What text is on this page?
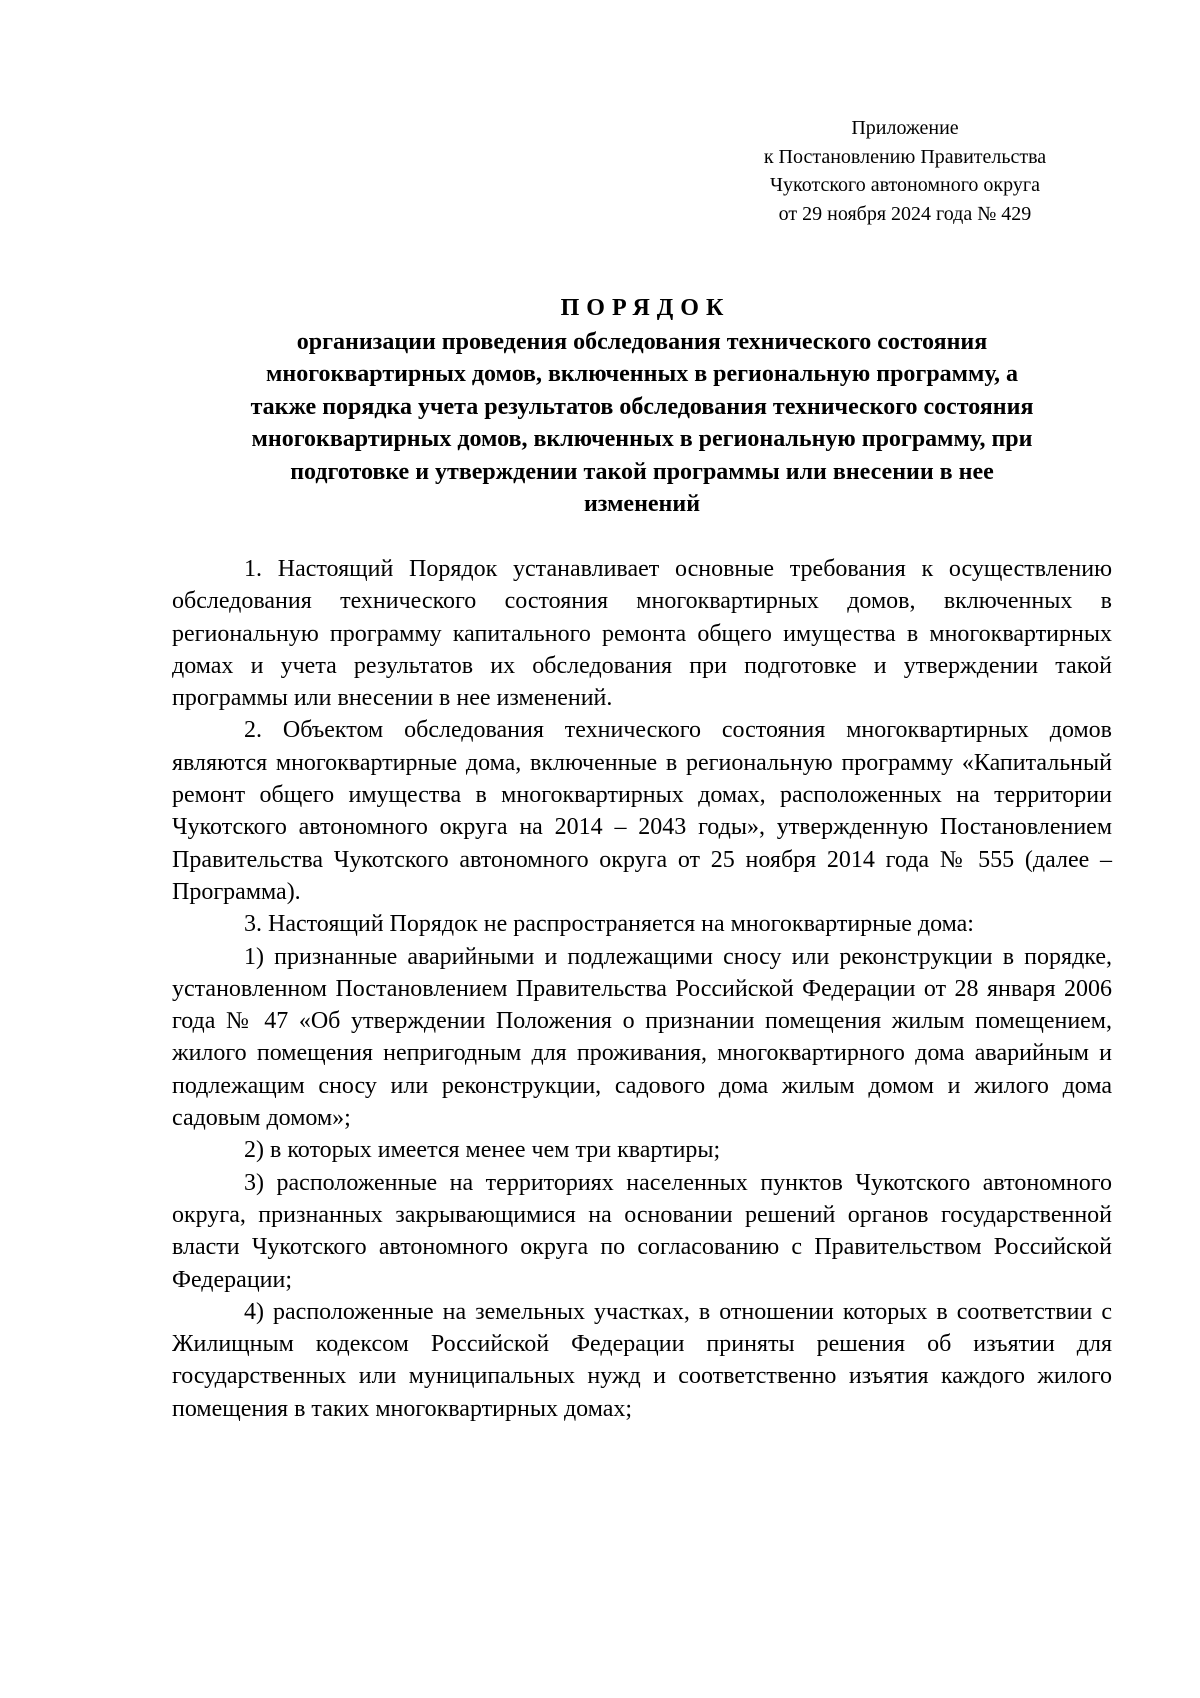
Приложение
к Постановлению Правительства
Чукотского автономного округа
от 29 ноября 2024 года № 429
ПОРЯДОК
организации проведения обследования технического состояния
многоквартирных домов, включенных в региональную программу, а
также порядка учета результатов обследования технического состояния
многоквартирных домов, включенных в региональную программу, при
подготовке и утверждении такой программы или внесении в нее
изменений

1. Настоящий Порядок устанавливает основные требования к осуществлению обследования технического состояния многоквартирных домов, включенных в региональную программу капитального ремонта общего имущества в многоквартирных домах и учета результатов их обследования при подготовке и утверждении такой программы или внесении в нее изменений.

2. Объектом обследования технического состояния многоквартирных домов являются многоквартирные дома, включенные в региональную программу «Капитальный ремонт общего имущества в многоквартирных домах, расположенных на территории Чукотского автономного округа на 2014 – 2043 годы», утвержденную Постановлением Правительства Чукотского автономного округа от 25 ноября 2014 года № 555 (далее – Программа).

3. Настоящий Порядок не распространяется на многоквартирные дома:

1) признанные аварийными и подлежащими сносу или реконструкции в порядке, установленном Постановлением Правительства Российской Федерации от 28 января 2006 года № 47 «Об утверждении Положения о признании помещения жилым помещением, жилого помещения непригодным для проживания, многоквартирного дома аварийным и подлежащим сносу или реконструкции, садового дома жилым домом и жилого дома садовым домом»;

2) в которых имеется менее чем три квартиры;

3) расположенные на территориях населенных пунктов Чукотского автономного округа, признанных закрывающимися на основании решений органов государственной власти Чукотского автономного округа по согласованию с Правительством Российской Федерации;

4) расположенные на земельных участках, в отношении которых в соответствии с Жилищным кодексом Российской Федерации приняты решения об изъятии для государственных или муниципальных нужд и соответственно изъятия каждого жилого помещения в таких многоквартирных домах;
